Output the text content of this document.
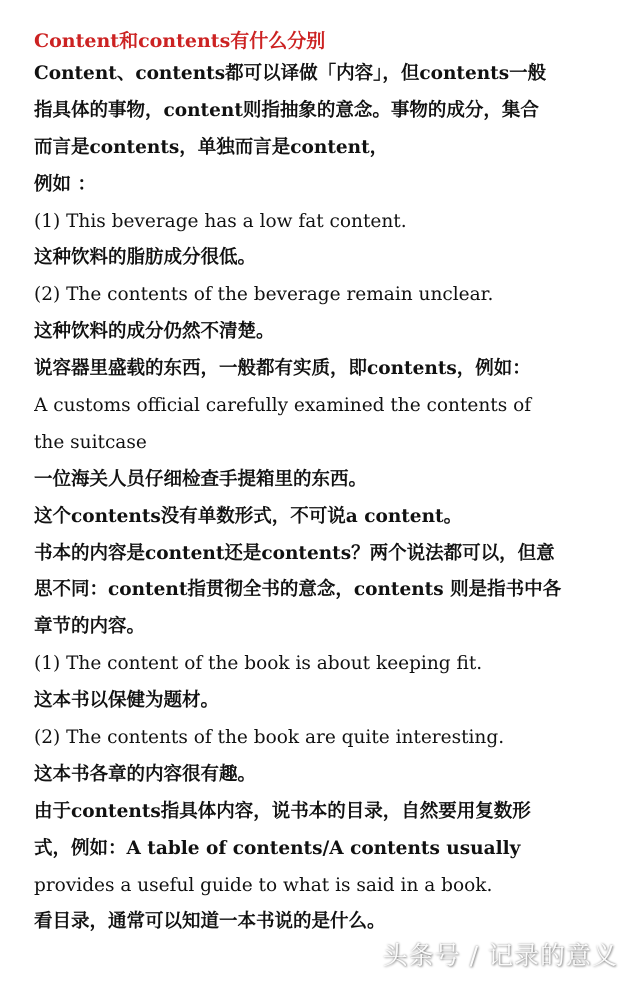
Content和contents有什么分别
Content、contents都可以译做「内容」，但contents一般
指具体的事物，content则指抽象的意念。事物的成分，集合
而言是contents，单独而言是content，
例如 ：
(1) This beverage has a low fat content.
这种饮料的脂肪成分很低。
(2) The contents of the beverage remain unclear.
这种饮料的成分仍然不清楚。
说容器里盛载的东西，一般都有实质，即contents，例如：
A customs official carefully examined the contents of
the suitcase
一位海关人员仔细检查手提箱里的东西。
这个contents没有单数形式，不可说a content。
书本的内容是content还是contents？两个说法都可以，但意
思不同：content指贯彻全书的意念，contents 则是指书中各
章节的内容。
(1) The content of the book is about keeping fit.
这本书以保健为题材。
(2) The contents of the book are quite interesting.
这本书各章的内容很有趣。
由于contents指具体内容，说书本的目录，自然要用复数形
式，例如：A table of contents/A contents usually
provides a useful guide to what is said in a book.
看目录，通常可以知道一本书说的是什么。
头条号 / 记录的意义
